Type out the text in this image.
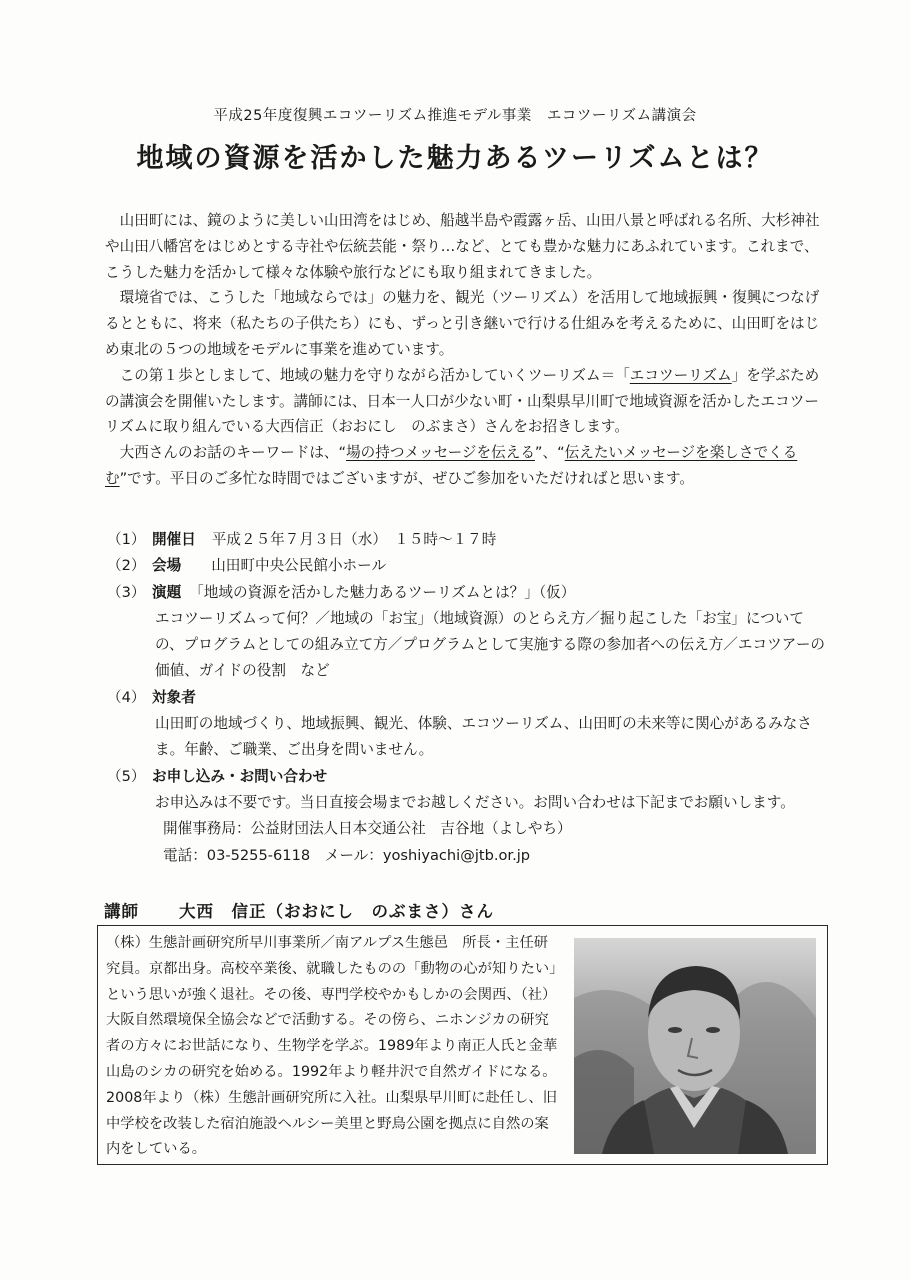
平成25年度復興エコツーリズム推進モデル事業　エコツーリズム講演会
地域の資源を活かした魅力あるツーリズムとは？

山田町には、鏡のように美しい山田湾をはじめ、船越半島や霞露ヶ岳、山田八景と呼ばれる名所、大杉神社や山田八幡宮をはじめとする寺社や伝統芸能・祭り…など、とても豊かな魅力にあふれています。これまで、こうした魅力を活かして様々な体験や旅行などにも取り組まれてきました。

環境省では、こうした「地域ならでは」の魅力を、観光（ツーリズム）を活用して地域振興・復興につなげるとともに、将来（私たちの子供たち）にも、ずっと引き継いで行ける仕組みを考えるために、山田町をはじめ東北の５つの地域をモデルに事業を進めています。

この第１歩としまして、地域の魅力を守りながら活かしていくツーリズム＝「エコツーリズム」を学ぶための講演会を開催いたします。講師には、日本一人口が少ない町・山梨県早川町で地域資源を活かしたエコツーリズムに取り組んでいる大西信正（おおにし　のぶまさ）さんをお招きします。

大西さんのお話のキーワードは、“場の持つメッセージを伝える”、“伝えたいメッセージを楽しさでくるむ”です。平日のご多忙な時間ではございますが、ぜひご参加をいただければと思います。

（1） 開催日 平成２５年７月３日（水）　１５時～１７時
（2） 会場 山田町中央公民館小ホール
（3） 演題 「地域の資源を活かした魅力あるツーリズムとは？」（仮）
エコツーリズムって何？／地域の「お宝」（地域資源）のとらえ方／掘り起こした「お宝」についての、プログラムとしての組み立て方／プログラムとして実施する際の参加者への伝え方／エコツアーの価値、ガイドの役割　など
（4） 対象者
山田町の地域づくり、地域振興、観光、体験、エコツーリズム、山田町の未来等に関心があるみなさま。年齢、ご職業、ご出身を問いません。
（5） お申し込み・お問い合わせ
お申込みは不要です。当日直接会場までお越しください。お問い合わせは下記までお願いします。
開催事務局：公益財団法人日本交通公社　吉谷地（よしやち）
電話：03-5255-6118　メール：yoshiyachi@jtb.or.jp
講師 大西　信正（おおにし　のぶまさ）さん
（株）生態計画研究所早川事業所／南アルプス生態邑　所長・主任研究員。京都出身。高校卒業後、就職したものの「動物の心が知りたい」という思いが強く退社。その後、専門学校やかもしかの会関西、（社）大阪自然環境保全協会などで活動する。その傍ら、ニホンジカの研究者の方々にお世話になり、生物学を学ぶ。1989年より南正人氏と金華山島のシカの研究を始める。1992年より軽井沢で自然ガイドになる。2008年より（株）生態計画研究所に入社。山梨県早川町に赴任し、旧中学校を改装した宿泊施設ヘルシー美里と野鳥公園を拠点に自然の案内をしている。
